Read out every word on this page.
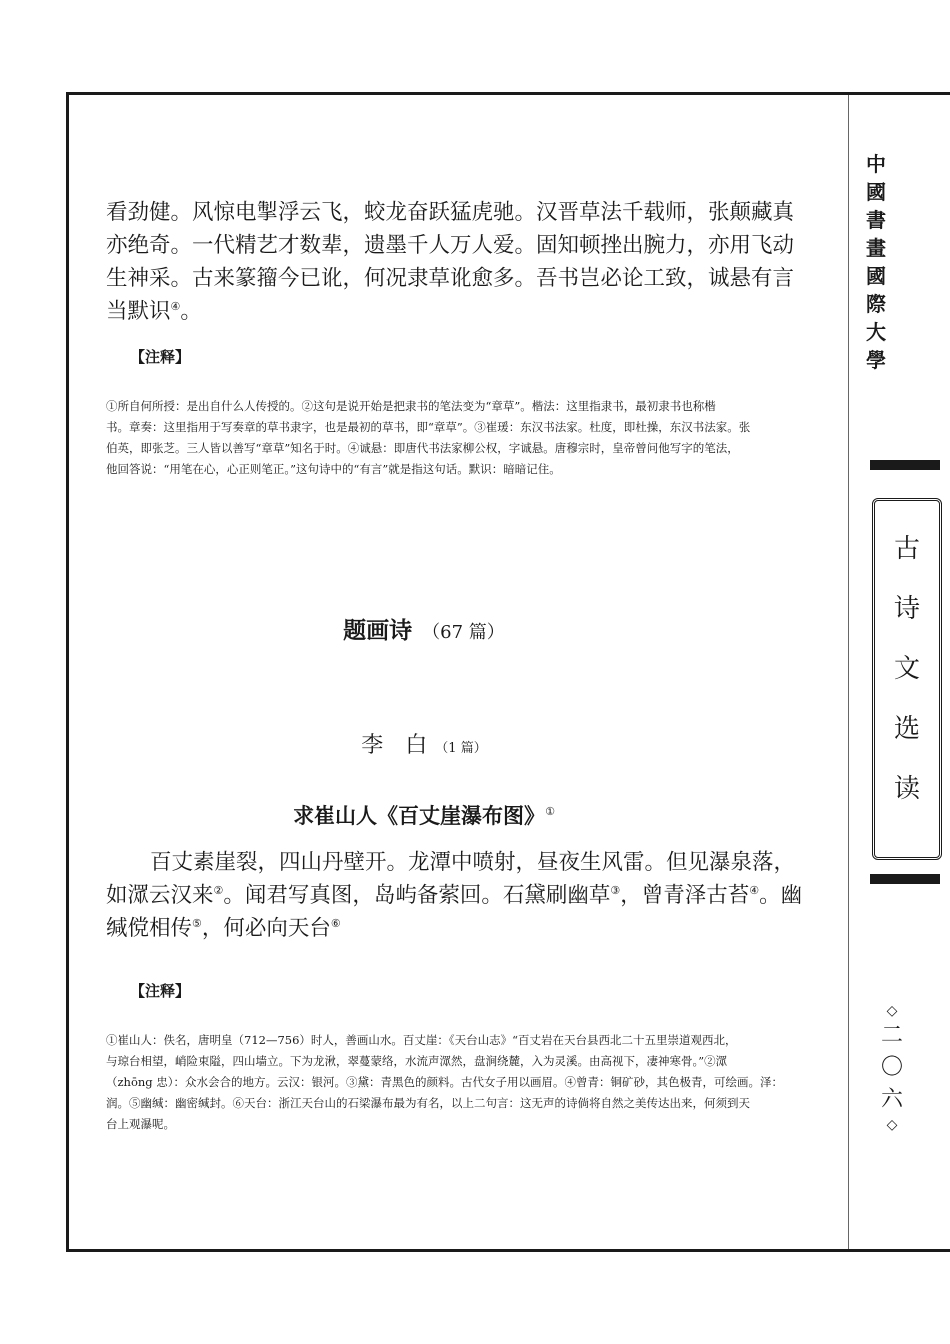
看劲健。风惊电掣浮云飞，蛟龙奋跃猛虎驰。汉晋草法千载师，张颠藏真
亦绝奇。一代精艺才数辈，遗墨千人万人爱。固知顿挫出腕力，亦用飞动
生神采。古来篆籀今已讹，何况隶草讹愈多。吾书岂必论工致，诚悬有言
当默识④。
【注释】
①所自何所授：是出自什么人传授的。②这句是说开始是把隶书的笔法变为“章草”。楷法：这里指隶书，最初隶书也称楷
书。章奏：这里指用于写奏章的草书隶字，也是最初的草书，即“章草”。③崔瑗：东汉书法家。杜度，即杜操，东汉书法家。张
伯英，即张芝。三人皆以善写“章草”知名于时。④诚悬：即唐代书法家柳公权，字诚悬。唐穆宗时，皇帝曾问他写字的笔法，
他回答说：“用笔在心，心正则笔正。”这句诗中的“有言”就是指这句话。默识：暗暗记住。
题画诗 （67 篇）
李　白 （1 篇）
求崔山人《百丈崖瀑布图》①
百丈素崖裂，四山丹壁开。龙潭中喷射，昼夜生风雷。但见瀑泉落，
如潀云汉来②。闻君写真图，岛屿备萦回。石黛刷幽草③，曾青泽古苔④。幽
缄傥相传⑤，何必向天台⑥
【注释】
①崔山人：佚名，唐明皇（712—756）时人，善画山水。百丈崖：《天台山志》“百丈岩在天台县西北二十五里崇道观西北，
与琼台相望，峭险束隘，四山墙立。下为龙湫，翠蔓蒙络，水流声潀然，盘涧绕麓，入为灵溪。由高视下，凄神寒骨。”②潀
（zhōng 忠）：众水会合的地方。云汉：银河。③黛：青黑色的颜料。古代女子用以画眉。④曾青：铜矿砂，其色极青，可绘画。泽：
润。⑤幽缄：幽密缄封。⑥天台：浙江天台山的石梁瀑布最为有名，以上二句言：这无声的诗倘将自然之美传达出来，何须到天
台上观瀑呢。
中
國
書
畫
國
際
大
學
古
诗
文
选
读
◇
二
〇
六
◇
